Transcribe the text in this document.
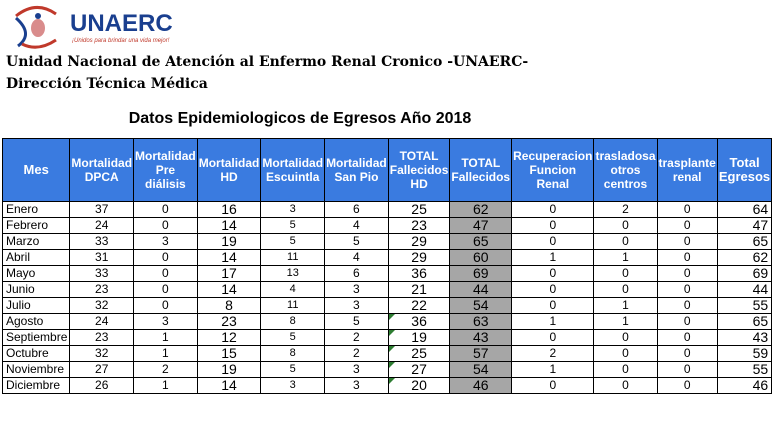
UNAERC
¡Unidos para brindar una vida mejor!
Unidad Nacional de Atención al Enfermo Renal Cronico -UNAERC-
Dirección Técnica Médica
Datos Epidemiologicos de Egresos Año 2018
Mes	Mortalidad DPCA	Mortalidad Pre diálisis	Mortalidad HD	Mortalidad Escuintla	Mortalidad San Pio	TOTAL Fallecidos HD	TOTAL Fallecidos	Recuperacion Funcion Renal	trasladosa otros centros	trasplante renal	Total Egresos
Enero	37	0	16	3	6	25	62	0	2	0	64
Febrero	24	0	14	5	4	23	47	0	0	0	47
Marzo	33	3	19	5	5	29	65	0	0	0	65
Abril	31	0	14	11	4	29	60	1	1	0	62
Mayo	33	0	17	13	6	36	69	0	0	0	69
Junio	23	0	14	4	3	21	44	0	0	0	44
Julio	32	0	8	11	3	22	54	0	1	0	55
Agosto	24	3	23	8	5	36	63	1	1	0	65
Septiembre	23	1	12	5	2	19	43	0	0	0	43
Octubre	32	1	15	8	2	25	57	2	0	0	59
Noviembre	27	2	19	5	3	27	54	1	0	0	55
Diciembre	26	1	14	3	3	20	46	0	0	0	46
